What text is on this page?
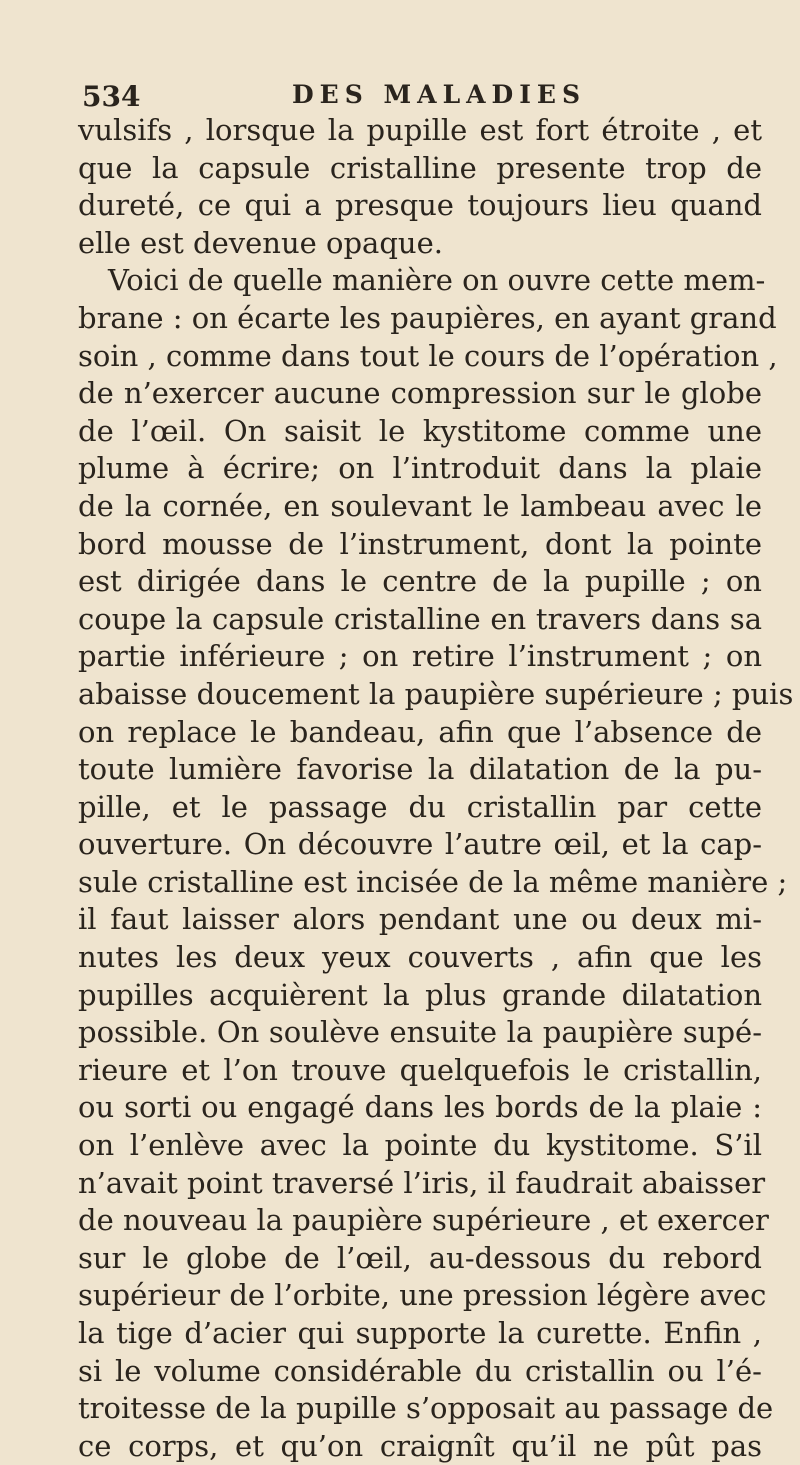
534	DES MALADIES
vulsifs , lorsque la pupille est fort étroite , et
que la capsule cristalline presente trop de
dureté, ce qui a presque toujours lieu quand
elle est devenue opaque.
Voici de quelle manière on ouvre cette mem-
brane : on écarte les paupières, en ayant grand
soin , comme dans tout le cours de l’opération ,
de n’exercer aucune compression sur le globe
de l’œil. On saisit le kystitome comme une
plume à écrire; on l’introduit dans la plaie
de la cornée, en soulevant le lambeau avec le
bord mousse de l’instrument, dont la pointe
est dirigée dans le centre de la pupille ; on
coupe la capsule cristalline en travers dans sa
partie inférieure ; on retire l’instrument ; on
abaisse doucement la paupière supérieure ; puis
on replace le bandeau, afin que l’absence de
toute lumière favorise la dilatation de la pu-
pille, et le passage du cristallin par cette
ouverture. On découvre l’autre œil, et la cap-
sule cristalline est incisée de la même manière ;
il faut laisser alors pendant une ou deux mi-
nutes les deux yeux couverts , afin que les
pupilles acquièrent la plus grande dilatation
possible. On soulève ensuite la paupière supé-
rieure et l’on trouve quelquefois le cristallin,
ou sorti ou engagé dans les bords de la plaie :
on l’enlève avec la pointe du kystitome. S’il
n’avait point traversé l’iris, il faudrait abaisser
de nouveau la paupière supérieure , et exercer
sur le globe de l’œil, au-dessous du rebord
supérieur de l’orbite, une pression légère avec
la tige d’acier qui supporte la curette. Enfin ,
si le volume considérable du cristallin ou l’é-
troitesse de la pupille s’opposait au passage de
ce corps, et qu’on craignît qu’il ne pût pas
